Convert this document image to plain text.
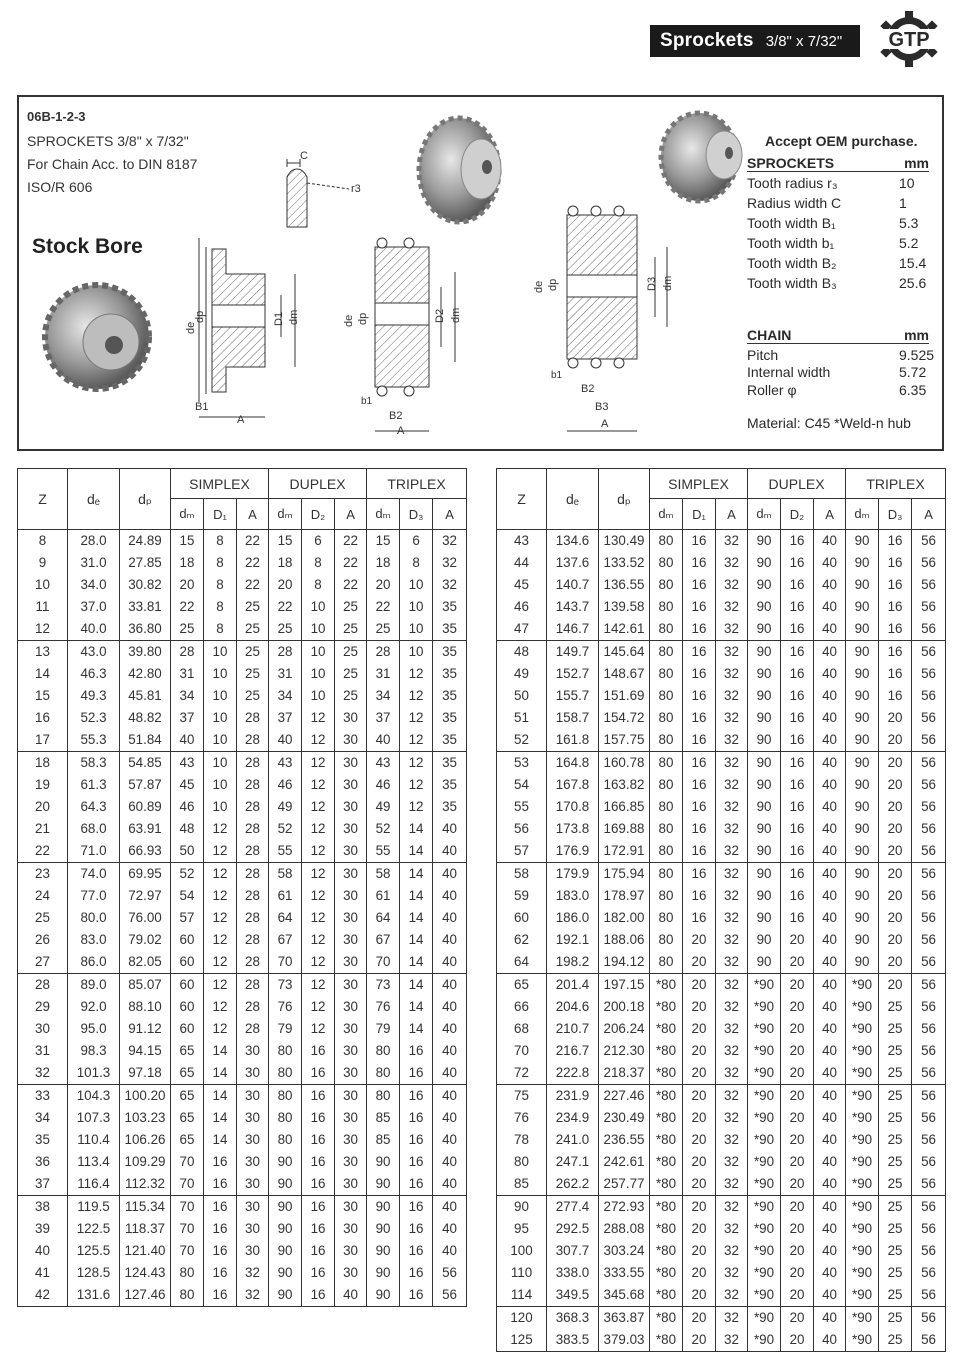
Sprockets 3/8" x 7/32" GTP
06B-1-2-3
SPROCKETS 3/8" x 7/32"
For Chain Acc. to DIN 8187
ISO/R 606
Stock Bore
C
r3
de
dp	D1 dm
B1
A
de dp	D2 dm
b1
B2
A
de dp	D3 dm
b1
B2
B3
A
Accept OEM purchase.
SPROCKETS	mm
Tooth radius r₃	10
Radius width C	1
Tooth width B₁	5.3
Tooth width b₁	5.2
Tooth width B₂	15.4
Tooth width B₃	25.6
CHAIN	mm
Pitch	9.525
Internal width	5.72
Roller φ	6.35
Material: C45 *Weld-n hub
Z	dₑ	dₚ	SIMPLEX			DUPLEX			TRIPLEX		
			dₘ	D₁	A	dₘ	D₂	A	dₘ	D₃	A
8	28.0	24.89	15	8	22	15	6	22	15	6	32
9	31.0	27.85	18	8	22	18	8	22	18	8	32
10	34.0	30.82	20	8	22	20	8	22	20	10	32
11	37.0	33.81	22	8	25	22	10	25	22	10	35
12	40.0	36.80	25	8	25	25	10	25	25	10	35
13	43.0	39.80	28	10	25	28	10	25	28	10	35
14	46.3	42.80	31	10	25	31	10	25	31	12	35
15	49.3	45.81	34	10	25	34	10	25	34	12	35
16	52.3	48.82	37	10	28	37	12	30	37	12	35
17	55.3	51.84	40	10	28	40	12	30	40	12	35
18	58.3	54.85	43	10	28	43	12	30	43	12	35
19	61.3	57.87	45	10	28	46	12	30	46	12	35
20	64.3	60.89	46	10	28	49	12	30	49	12	35
21	68.0	63.91	48	12	28	52	12	30	52	14	40
22	71.0	66.93	50	12	28	55	12	30	55	14	40
23	74.0	69.95	52	12	28	58	12	30	58	14	40
24	77.0	72.97	54	12	28	61	12	30	61	14	40
25	80.0	76.00	57	12	28	64	12	30	64	14	40
26	83.0	79.02	60	12	28	67	12	30	67	14	40
27	86.0	82.05	60	12	28	70	12	30	70	14	40
28	89.0	85.07	60	12	28	73	12	30	73	14	40
29	92.0	88.10	60	12	28	76	12	30	76	14	40
30	95.0	91.12	60	12	28	79	12	30	79	14	40
31	98.3	94.15	65	14	30	80	16	30	80	16	40
32	101.3	97.18	65	14	30	80	16	30	80	16	40
33	104.3	100.20	65	14	30	80	16	30	80	16	40
34	107.3	103.23	65	14	30	80	16	30	85	16	40
35	110.4	106.26	65	14	30	80	16	30	85	16	40
36	113.4	109.29	70	16	30	90	16	30	90	16	40
37	116.4	112.32	70	16	30	90	16	30	90	16	40
38	119.5	115.34	70	16	30	90	16	30	90	16	40
39	122.5	118.37	70	16	30	90	16	30	90	16	40
40	125.5	121.40	70	16	30	90	16	30	90	16	40
41	128.5	124.43	80	16	32	90	16	30	90	16	56
42	131.6	127.46	80	16	32	90	16	40	90	16	56
Z	dₑ	dₚ	SIMPLEX			DUPLEX			TRIPLEX		
			dₘ	D₁	A	dₘ	D₂	A	dₘ	D₃	A
43	134.6	130.49	80	16	32	90	16	40	90	16	56
44	137.6	133.52	80	16	32	90	16	40	90	16	56
45	140.7	136.55	80	16	32	90	16	40	90	16	56
46	143.7	139.58	80	16	32	90	16	40	90	16	56
47	146.7	142.61	80	16	32	90	16	40	90	16	56
48	149.7	145.64	80	16	32	90	16	40	90	16	56
49	152.7	148.67	80	16	32	90	16	40	90	16	56
50	155.7	151.69	80	16	32	90	16	40	90	16	56
51	158.7	154.72	80	16	32	90	16	40	90	20	56
52	161.8	157.75	80	16	32	90	16	40	90	20	56
53	164.8	160.78	80	16	32	90	16	40	90	20	56
54	167.8	163.82	80	16	32	90	16	40	90	20	56
55	170.8	166.85	80	16	32	90	16	40	90	20	56
56	173.8	169.88	80	16	32	90	16	40	90	20	56
57	176.9	172.91	80	16	32	90	16	40	90	20	56
58	179.9	175.94	80	16	32	90	16	40	90	20	56
59	183.0	178.97	80	16	32	90	16	40	90	20	56
60	186.0	182.00	80	16	32	90	16	40	90	20	56
62	192.1	188.06	80	20	32	90	20	40	90	20	56
64	198.2	194.12	80	20	32	90	20	40	90	20	56
65	201.4	197.15	*80	20	32	*90	20	40	*90	20	56
66	204.6	200.18	*80	20	32	*90	20	40	*90	25	56
68	210.7	206.24	*80	20	32	*90	20	40	*90	25	56
70	216.7	212.30	*80	20	32	*90	20	40	*90	25	56
72	222.8	218.37	*80	20	32	*90	20	40	*90	25	56
75	231.9	227.46	*80	20	32	*90	20	40	*90	25	56
76	234.9	230.49	*80	20	32	*90	20	40	*90	25	56
78	241.0	236.55	*80	20	32	*90	20	40	*90	25	56
80	247.1	242.61	*80	20	32	*90	20	40	*90	25	56
85	262.2	257.77	*80	20	32	*90	20	40	*90	25	56
90	277.4	272.93	*80	20	32	*90	20	40	*90	25	56
95	292.5	288.08	*80	20	32	*90	20	40	*90	25	56
100	307.7	303.24	*80	20	32	*90	20	40	*90	25	56
110	338.0	333.55	*80	20	32	*90	20	40	*90	25	56
114	349.5	345.68	*80	20	32	*90	20	40	*90	25	56
120	368.3	363.87	*80	20	32	*90	20	40	*90	25	56
125	383.5	379.03	*80	20	32	*90	20	40	*90	25	56
